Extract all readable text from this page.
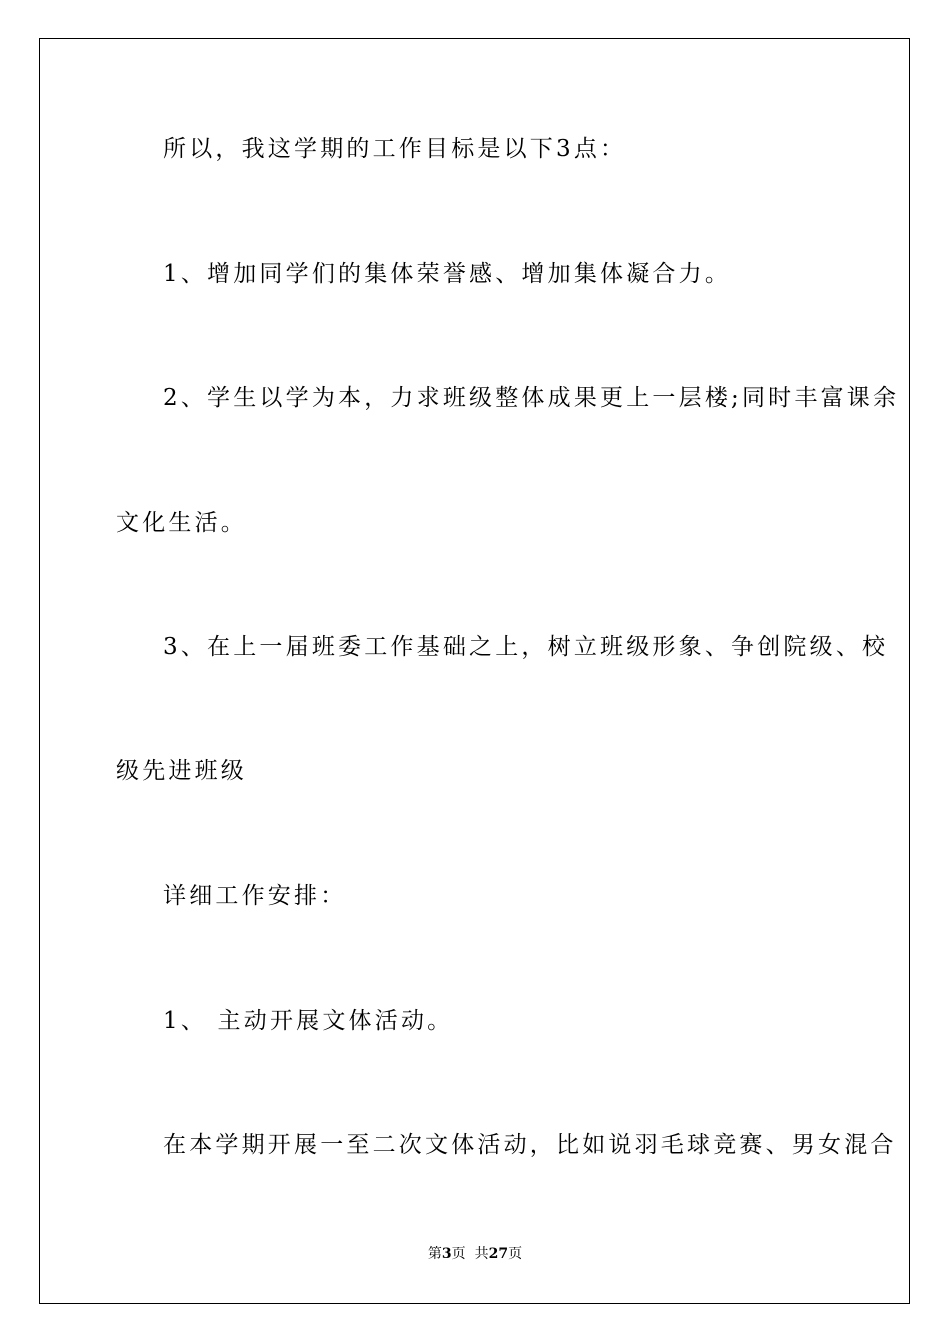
所以，我这学期的工作目标是以下3点：
1、增加同学们的集体荣誉感、增加集体凝合力。
2、学生以学为本，力求班级整体成果更上一层楼;同时丰富课余
文化生活。
3、在上一届班委工作基础之上，树立班级形象、争创院级、校
级先进班级
详细工作安排：
1、 主动开展文体活动。
在本学期开展一至二次文体活动，比如说羽毛球竞赛、男女混合
第3页  共27页
